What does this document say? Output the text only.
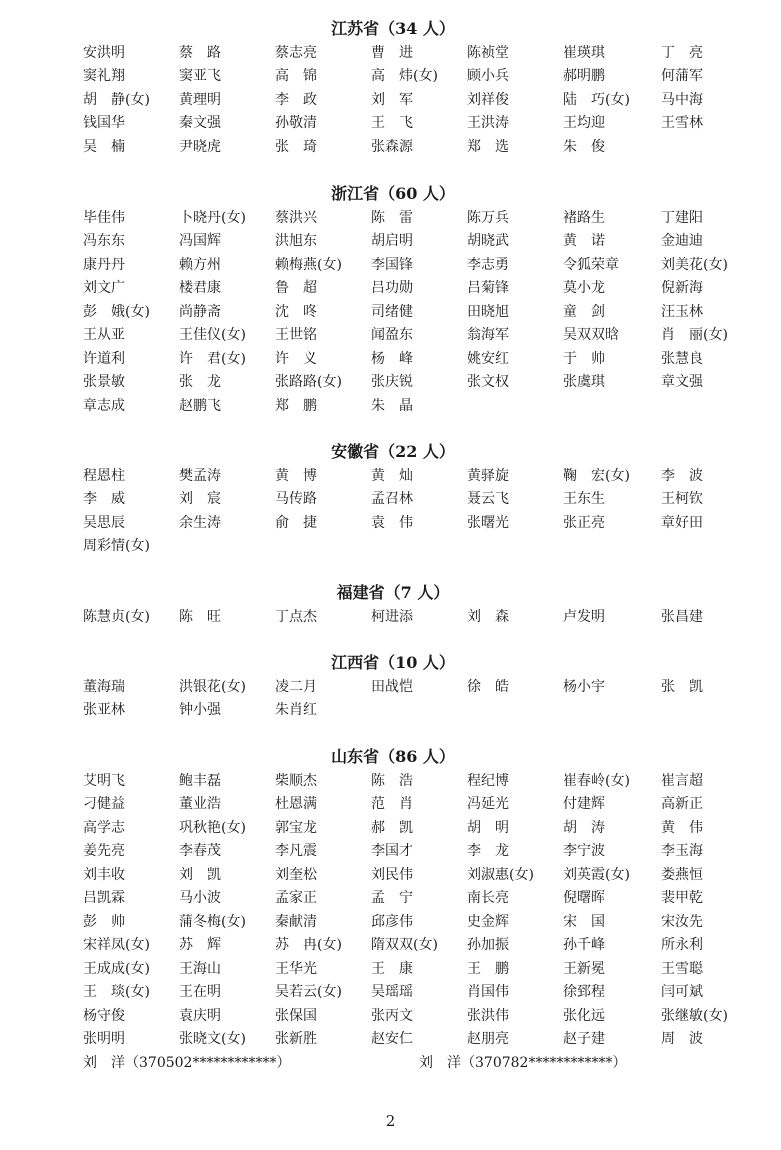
江苏省（34 人）
安洪明	蔡　路	蔡志亮	曹　进	陈祯堂	崔瑛琪	丁　亮
窦礼翔	窦亚飞	高　锦	高　炜(女) 顾小兵	郝明鹏	何蒲军
胡　静(女) 黄理明	李　政	刘　军	刘祥俊	陆　巧(女) 马中海
钱国华	秦文强	孙敬清	王　飞	王洪涛	王均迎	王雪林
吴　楠	尹晓虎	张　琦	张森源	郑　选	朱　俊
浙江省（60 人）
毕佳伟	卜晓丹(女) 蔡洪兴	陈　雷	陈万兵	褚路生	丁建阳
冯东东	冯国辉	洪旭东	胡启明	胡晓武	黄　诺	金迪迪
康丹丹	赖方州	赖梅燕(女) 李国锋	李志勇	令狐荣章	刘美花(女)
刘文广	楼君康	鲁　超	吕功勋	吕菊锋	莫小龙	倪新海
彭　娥(女) 尚静斋	沈　咚	司绪健	田晓旭	童　剑	汪玉林
王从亚	王佳仪(女) 王世铭	闻盈东	翁海军	吴双双晗	肖　丽(女)
许道利	许　君(女) 许　义	杨　峰	姚安红	于　帅	张慧良
张景敏	张　龙	张路路(女) 张庆锐	张文权	张虞琪	章文强
章志成	赵鹏飞	郑　鹏	朱　晶
安徽省（22 人）
程恩柱	樊孟涛	黄　博	黄　灿	黄驿旋	鞠　宏(女) 李　波
李　威	刘　宸	马传路	孟召林	聂云飞	王东生	王柯钦
吴思辰	余生涛	俞　捷	袁　伟	张曙光	张正亮	章好田
周彩情(女)
福建省（7 人）
陈慧贞(女) 陈　旺	丁点杰	柯进添	刘　森	卢发明	张昌建
江西省（10 人）
董海瑞	洪银花(女) 凌二月	田战恺	徐　皓	杨小宇	张　凯
张亚林	钟小强	朱肖红
山东省（86 人）
艾明飞	鲍丰磊	柴顺杰	陈　浩	程纪博	崔春岭(女) 崔言超
刁健益	董业浩	杜恩满	范　肖	冯延光	付建辉	高新正
高学志	巩秋艳(女) 郭宝龙	郝　凯	胡　明	胡　涛	黄　伟
姜先亮	李春茂	李凡震	李国才	李　龙	李宁波	李玉海
刘丰收	刘　凯	刘奎松	刘民伟	刘淑惠(女) 刘英霞(女) 娄燕恒
吕凯霖	马小波	孟家正	孟　宁	南长亮	倪曙晖	裴甲乾
彭　帅	蒲冬梅(女) 秦献清	邱彦伟	史金辉	宋　国	宋汝先
宋祥凤(女) 苏　辉	苏　冉(女) 隋双双(女) 孙加振	孙千峰	所永利
王成成(女) 王海山	王华光	王　康	王　鹏	王新冕	王雪聪
王　琰(女) 王在明	吴若云(女) 吴瑶瑶	肖国伟	徐郅程	闫可斌
杨守俊	袁庆明	张保国	张丙文	张洪伟	张化远	张继敏(女)
张明明	张晓文(女) 张新胜	赵安仁	赵朋亮	赵子建	周　波
刘　洋（370502************）	刘　洋（370782************）
2
